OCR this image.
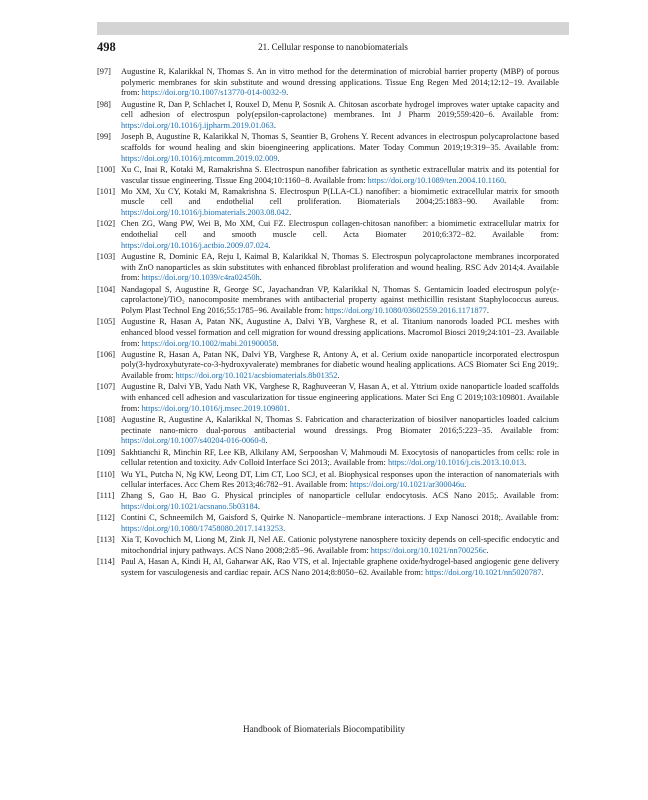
498	21. Cellular response to nanobiomaterials
[97] Augustine R, Kalarikkal N, Thomas S. An in vitro method for the determination of microbial barrier property (MBP) of porous polymeric membranes for skin substitute and wound dressing applications. Tissue Eng Regen Med 2014;12:12−19. Available from: https://doi.org/10.1007/s13770-014-0032-9.
[98] Augustine R, Dan P, Schlachet I, Rouxel D, Menu P, Sosnik A. Chitosan ascorbate hydrogel improves water uptake capacity and cell adhesion of electrospun poly(epsilon-caprolactone) membranes. Int J Pharm 2019;559:420−6. Available from: https://doi.org/10.1016/j.ijpharm.2019.01.063.
[99] Joseph B, Augustine R, Kalarikkal N, Thomas S, Seantier B, Grohens Y. Recent advances in electrospun polycaprolactone based scaffolds for wound healing and skin bioengineering applications. Mater Today Commun 2019;19:319−35. Available from: https://doi.org/10.1016/j.mtcomm.2019.02.009.
[100] Xu C, Inai R, Kotaki M, Ramakrishna S. Electrospun nanofiber fabrication as synthetic extracellular matrix and its potential for vascular tissue engineering. Tissue Eng 2004;10:1160−8. Available from: https://doi.org/10.1089/ten.2004.10.1160.
[101] Mo XM, Xu CY, Kotaki M, Ramakrishna S. Electrospun P(LLA-CL) nanofiber: a biomimetic extracellular matrix for smooth muscle cell and endothelial cell proliferation. Biomaterials 2004;25:1883−90. Available from: https://doi.org/10.1016/j.biomaterials.2003.08.042.
[102] Chen ZG, Wang PW, Wei B, Mo XM, Cui FZ. Electrospun collagen-chitosan nanofiber: a biomimetic extracellular matrix for endothelial cell and smooth muscle cell. Acta Biomater 2010;6:372−82. Available from: https://doi.org/10.1016/j.actbio.2009.07.024.
[103] Augustine R, Dominic EA, Reju I, Kaimal B, Kalarikkal N, Thomas S. Electrospun polycaprolactone membranes incorporated with ZnO nanoparticles as skin substitutes with enhanced fibroblast proliferation and wound healing. RSC Adv 2014;4. Available from: https://doi.org/10.1039/c4ra02450h.
[104] Nandagopal S, Augustine R, George SC, Jayachandran VP, Kalarikkal N, Thomas S. Gentamicin loaded electrospun poly(ε-caprolactone)/TiO₂ nanocomposite membranes with antibacterial property against methicillin resistant Staphylococcus aureus. Polym Plast Technol Eng 2016;55:1785−96. Available from: https://doi.org/10.1080/03602559.2016.1171877.
[105] Augustine R, Hasan A, Patan NK, Augustine A, Dalvi YB, Varghese R, et al. Titanium nanorods loaded PCL meshes with enhanced blood vessel formation and cell migration for wound dressing applications. Macromol Biosci 2019;24:101−23. Available from: https://doi.org/10.1002/mabi.201900058.
[106] Augustine R, Hasan A, Patan NK, Dalvi YB, Varghese R, Antony A, et al. Cerium oxide nanoparticle incorporated electrospun poly(3-hydroxybutyrate-co-3-hydroxyvalerate) membranes for diabetic wound healing applications. ACS Biomater Sci Eng 2019;. Available from: https://doi.org/10.1021/acsbiomaterials.8b01352.
[107] Augustine R, Dalvi YB, Yadu Nath VK, Varghese R, Raghuveeran V, Hasan A, et al. Yttrium oxide nanoparticle loaded scaffolds with enhanced cell adhesion and vascularization for tissue engineering applications. Mater Sci Eng C 2019;103:109801. Available from: https://doi.org/10.1016/j.msec.2019.109801.
[108] Augustine R, Augustine A, Kalarikkal N, Thomas S. Fabrication and characterization of biosilver nanoparticles loaded calcium pectinate nano-micro dual-porous antibacterial wound dressings. Prog Biomater 2016;5:223−35. Available from: https://doi.org/10.1007/s40204-016-0060-8.
[109] Sakhtianchi R, Minchin RF, Lee KB, Alkilany AM, Serpooshan V, Mahmoudi M. Exocytosis of nanoparticles from cells: role in cellular retention and toxicity. Adv Colloid Interface Sci 2013;. Available from: https://doi.org/10.1016/j.cis.2013.10.013.
[110] Wu YL, Putcha N, Ng KW, Leong DT, Lim CT, Loo SCJ, et al. Biophysical responses upon the interaction of nanomaterials with cellular interfaces. Acc Chem Res 2013;46:782−91. Available from: https://doi.org/10.1021/ar300046u.
[111] Zhang S, Gao H, Bao G. Physical principles of nanoparticle cellular endocytosis. ACS Nano 2015;. Available from: https://doi.org/10.1021/acsnano.5b03184.
[112] Contini C, Schneemilch M, Gaisford S, Quirke N. Nanoparticle−membrane interactions. J Exp Nanosci 2018;. Available from: https://doi.org/10.1080/17458080.2017.1413253.
[113] Xia T, Kovochich M, Liong M, Zink JI, Nel AE. Cationic polystyrene nanosphere toxicity depends on cell-specific endocytic and mitochondrial injury pathways. ACS Nano 2008;2:85−96. Available from: https://doi.org/10.1021/nn700256c.
[114] Paul A, Hasan A, Kindi H, Al, Gaharwar AK, Rao VTS, et al. Injectable graphene oxide/hydrogel-based angiogenic gene delivery system for vasculogenesis and cardiac repair. ACS Nano 2014;8:8050−62. Available from: https://doi.org/10.1021/nn5020787.
Handbook of Biomaterials Biocompatibility
